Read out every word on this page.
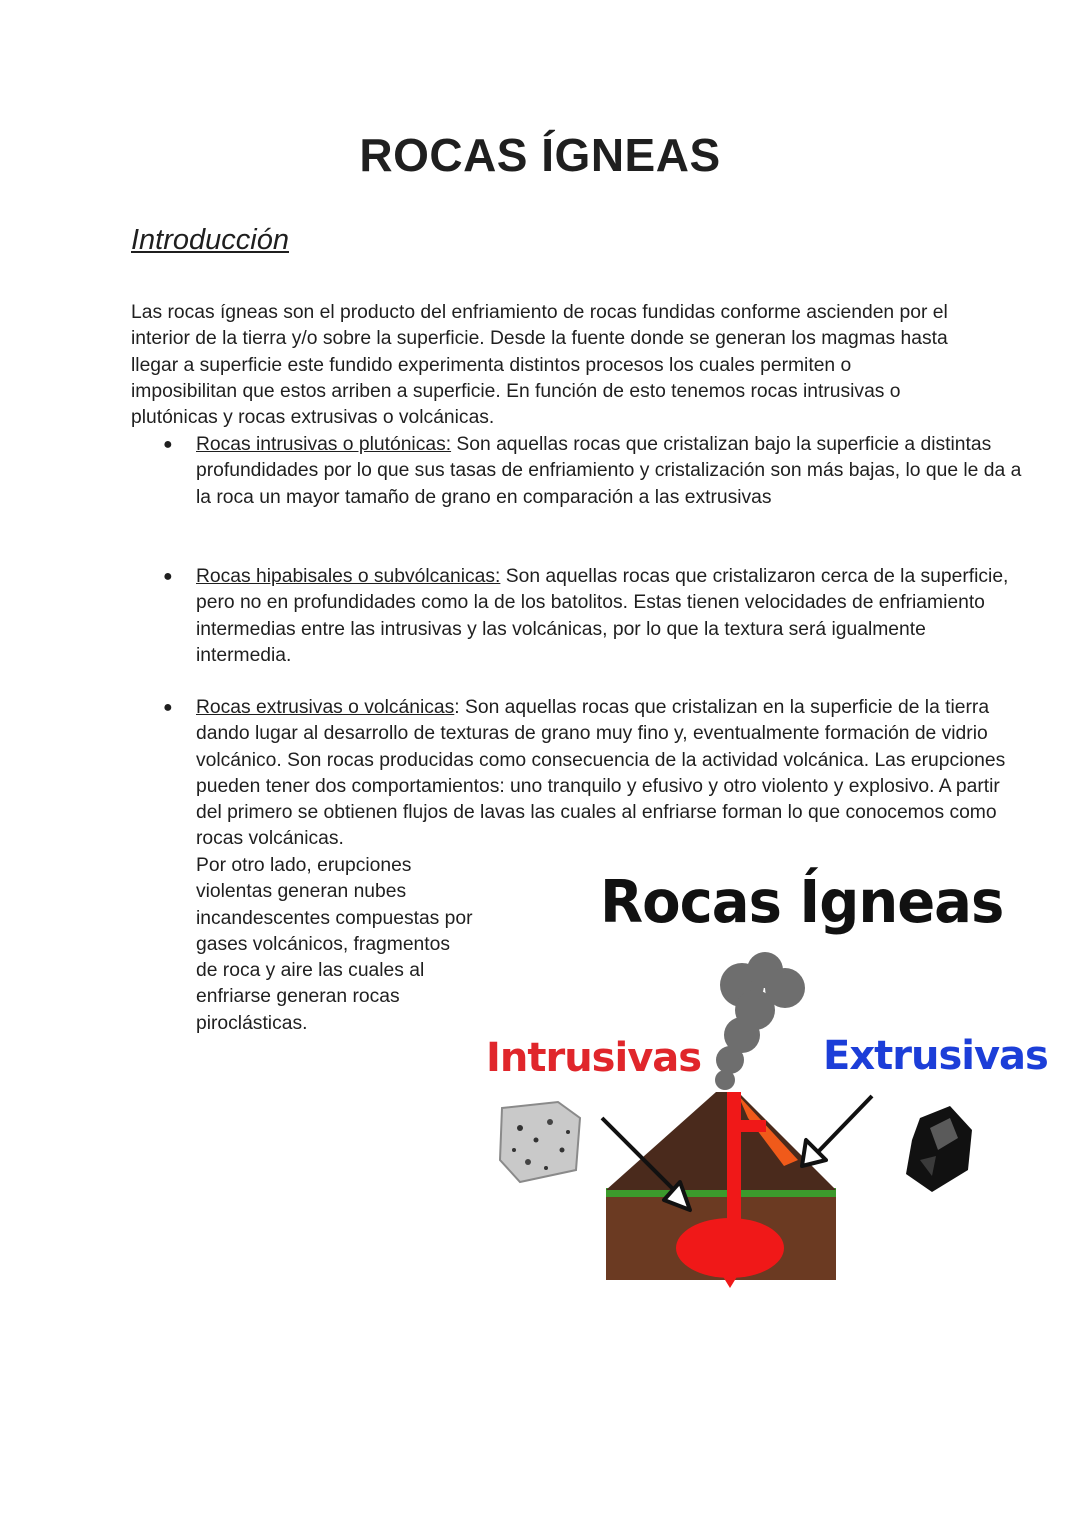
ROCAS ÍGNEAS
Introducción

Las rocas ígneas son el producto del enfriamiento de rocas fundidas conforme ascienden por el interior de la tierra y/o sobre la superficie. Desde la fuente donde se generan los magmas hasta llegar a superficie este fundido experimenta distintos procesos los cuales permiten o imposibilitan que estos arriben a superficie. En función de esto tenemos rocas intrusivas o plutónicas y rocas extrusivas o volcánicas.

● Rocas intrusivas o plutónicas: Son aquellas rocas que cristalizan bajo la superficie a distintas profundidades por lo que sus tasas de enfriamiento y cristalización son más bajas, lo que le da a la roca un mayor tamaño de grano en comparación a las extrusivas
● Rocas hipabisales o subvólcanicas: Son aquellas rocas que cristalizaron cerca de la superficie, pero no en profundidades como la de los batolitos. Estas tienen velocidades de enfriamiento intermedias entre las intrusivas y las volcánicas, por lo que la textura será igualmente intermedia.
● Rocas extrusivas o volcánicas: Son aquellas rocas que cristalizan en la superficie de la tierra dando lugar al desarrollo de texturas de grano muy fino y, eventualmente formación de vidrio volcánico. Son rocas producidas como consecuencia de la actividad volcánica. Las erupciones pueden tener dos comportamientos: uno tranquilo y efusivo y otro violento y explosivo. A partir del primero se obtienen flujos de lavas las cuales al enfriarse forman lo que conocemos como rocas volcánicas.
Por otro lado, erupciones violentas generan nubes incandescentes compuestas por gases volcánicos, fragmentos de roca y aire las cuales al enfriarse generan rocas piroclásticas.
Rocas Ígneas
Intrusivas	Extrusivas
